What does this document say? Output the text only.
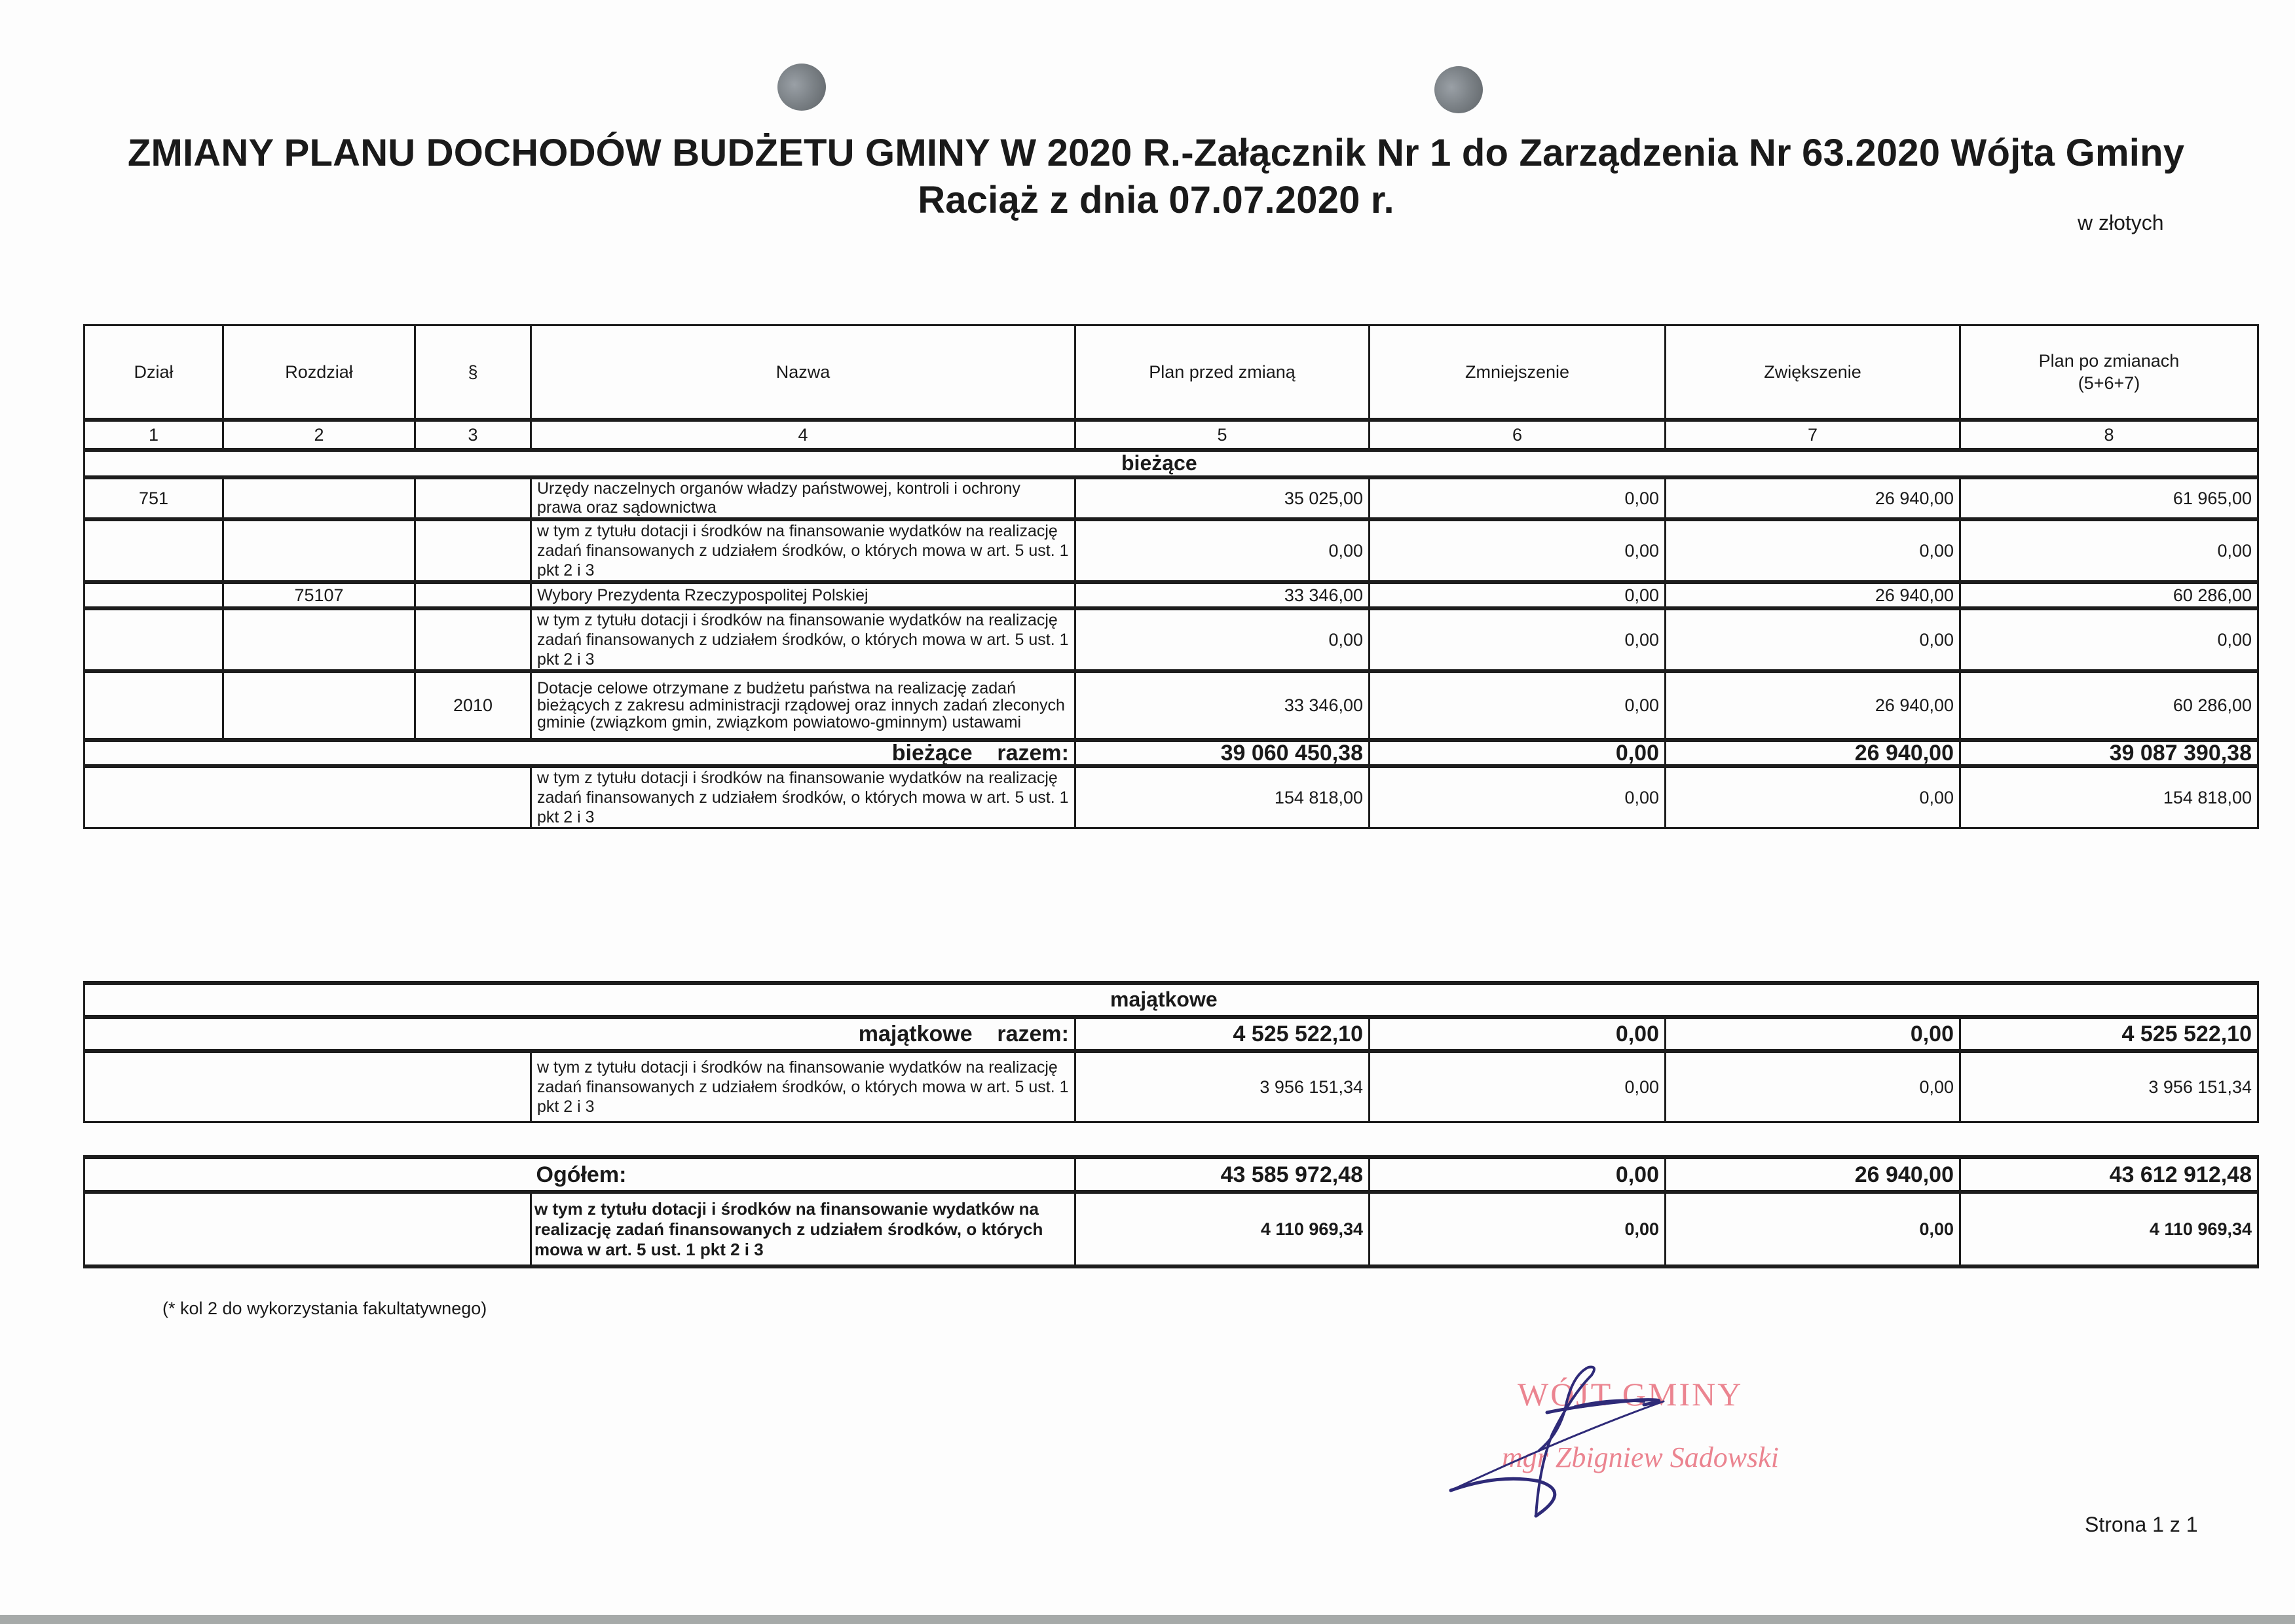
ZMIANY PLANU DOCHODÓW BUDŻETU GMINY W 2020 R.-Załącznik Nr 1 do Zarządzenia Nr 63.2020 Wójta Gminy
Raciąż z dnia 07.07.2020 r.
w złotych
Dział	Rozdział	§	Nazwa	Plan przed zmianą	Zmniejszenie	Zwiększenie	Plan po zmianach
(5+6+7)

1	2	3	4	5	6	7	8
bieżące							
751			Urzędy naczelnych organów władzy państwowej, kontroli i ochrony prawa oraz sądownictwa	35 025,00	0,00	26 940,00	61 965,00
			w tym z tytułu dotacji i środków na finansowanie wydatków na realizację zadań finansowanych z udziałem środków, o których mowa w art. 5 ust. 1 pkt 2 i 3	0,00	0,00	0,00	0,00
	75107		Wybory Prezydenta Rzeczypospolitej Polskiej	33 346,00	0,00	26 940,00	60 286,00
			w tym z tytułu dotacji i środków na finansowanie wydatków na realizację zadań finansowanych z udziałem środków, o których mowa w art. 5 ust. 1 pkt 2 i 3	0,00	0,00	0,00	0,00
		2010	Dotacje celowe otrzymane z budżetu państwa na realizację zadań bieżących z zakresu administracji rządowej oraz innych zadań zleconych gminie (związkom gmin, związkom powiatowo-gminnym) ustawami	33 346,00	0,00	26 940,00	60 286,00
bieżące    razem:				39 060 450,38	0,00	26 940,00	39 087 390,38
			w tym z tytułu dotacji i środków na finansowanie wydatków na realizację zadań finansowanych z udziałem środków, o których mowa w art. 5 ust. 1 pkt 2 i 3	154 818,00	0,00	0,00	154 818,00
majątkowe					
majątkowe    razem:		4 525 522,10	0,00	0,00	4 525 522,10
	w tym z tytułu dotacji i środków na finansowanie wydatków na realizację zadań finansowanych z udziałem środków, o których mowa w art. 5 ust. 1 pkt 2 i 3	3 956 151,34	0,00	0,00	3 956 151,34
	Ogółem:	43 585 972,48	0,00	26 940,00	43 612 912,48
	w tym z tytułu dotacji i środków na finansowanie wydatków na realizację zadań finansowanych z udziałem środków, o których mowa w art. 5 ust. 1 pkt 2 i 3	4 110 969,34	0,00	0,00	4 110 969,34
(* kol 2 do wykorzystania fakultatywnego)
WÓJT GMINY
mgr Zbigniew Sadowski
Strona 1 z 1
